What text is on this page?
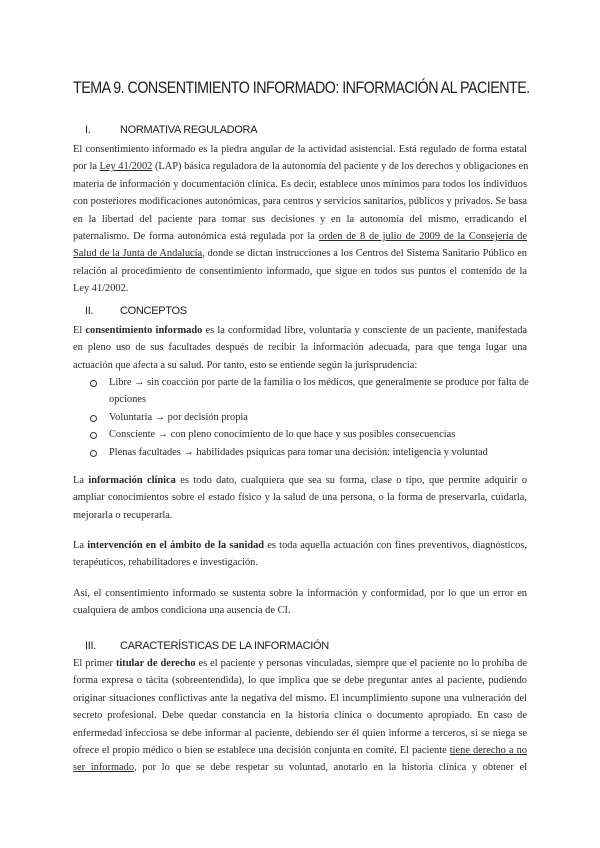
TEMA 9. CONSENTIMIENTO INFORMADO: INFORMACIÓN AL PACIENTE.
I.	NORMATIVA REGULADORA
El consentimiento informado es la piedra angular de la actividad asistencial. Está regulado de forma estatal
por la Ley 41/2002 (LAP) básica reguladora de la autonomía del paciente y de los derechos y obligaciones en
materia de información y documentación clínica. Es decir, establece unos mínimos para todos los individuos
con posteriores modificaciones autonómicas, para centros y servicios sanitarios, públicos y privados. Se basa
en la libertad del paciente para tomar sus decisiones y en la autonomía del mismo, erradicando el
paternalismo. De forma autonómica está regulada por la orden de 8 de julio de 2009 de la Consejería de
Salud de la Junta de Andalucía, donde se dictan instrucciones a los Centros del Sistema Sanitario Público en
relación al procedimiento de consentimiento informado, que sigue en todos sus puntos el contenido de la
Ley 41/2002.
II. CONCEPTOS
El consentimiento informado es la conformidad libre, voluntaria y consciente de un paciente, manifestada
en pleno uso de sus facultades después de recibir la información adecuada, para que tenga lugar una
actuación que afecta a su salud. Por tanto, esto se entiende según la jurisprudencia:
Libre → sin coacción por parte de la familia o los médicos, que generalmente se produce por falta de
opciones
Voluntaria → por decisión propia
Consciente → con pleno conocimiento de lo que hace y sus posibles consecuencias
Plenas facultades → habilidades psíquicas para tomar una decisión: inteligencia y voluntad
La información clínica es todo dato, cualquiera que sea su forma, clase o tipo, que permite adquirir o
ampliar conocimientos sobre el estado físico y la salud de una persona, o la forma de preservarla, cuidarla,
mejorarla o recuperarla.
La intervención en el ámbito de la sanidad es toda aquella actuación con fines preventivos, diagnósticos,
terapéuticos, rehabilitadores e investigación.
Así, el consentimiento informado se sustenta sobre la información y conformidad, por lo que un error en
cualquiera de ambos condiciona una ausencia de CI.
III. CARACTERÍSTICAS DE LA INFORMACIÓN
El primer titular de derecho es el paciente y personas vinculadas, siempre que el paciente no lo prohíba de
forma expresa o tácita (sobreentendida), lo que implica que se debe preguntar antes al paciente, pudiendo
originar situaciones conflictivas ante la negativa del mismo. El incumplimiento supone una vulneración del
secreto profesional. Debe quedar constancia en la historia clínica o documento apropiado. En caso de
enfermedad infecciosa se debe informar al paciente, debiendo ser él quien informe a terceros, si se niega se
ofrece el propio médico o bien se establece una decisión conjunta en comité. El paciente tiene derecho a no
ser informado, por lo que se debe respetar su voluntad, anotarlo en la historia clínica y obtener el
